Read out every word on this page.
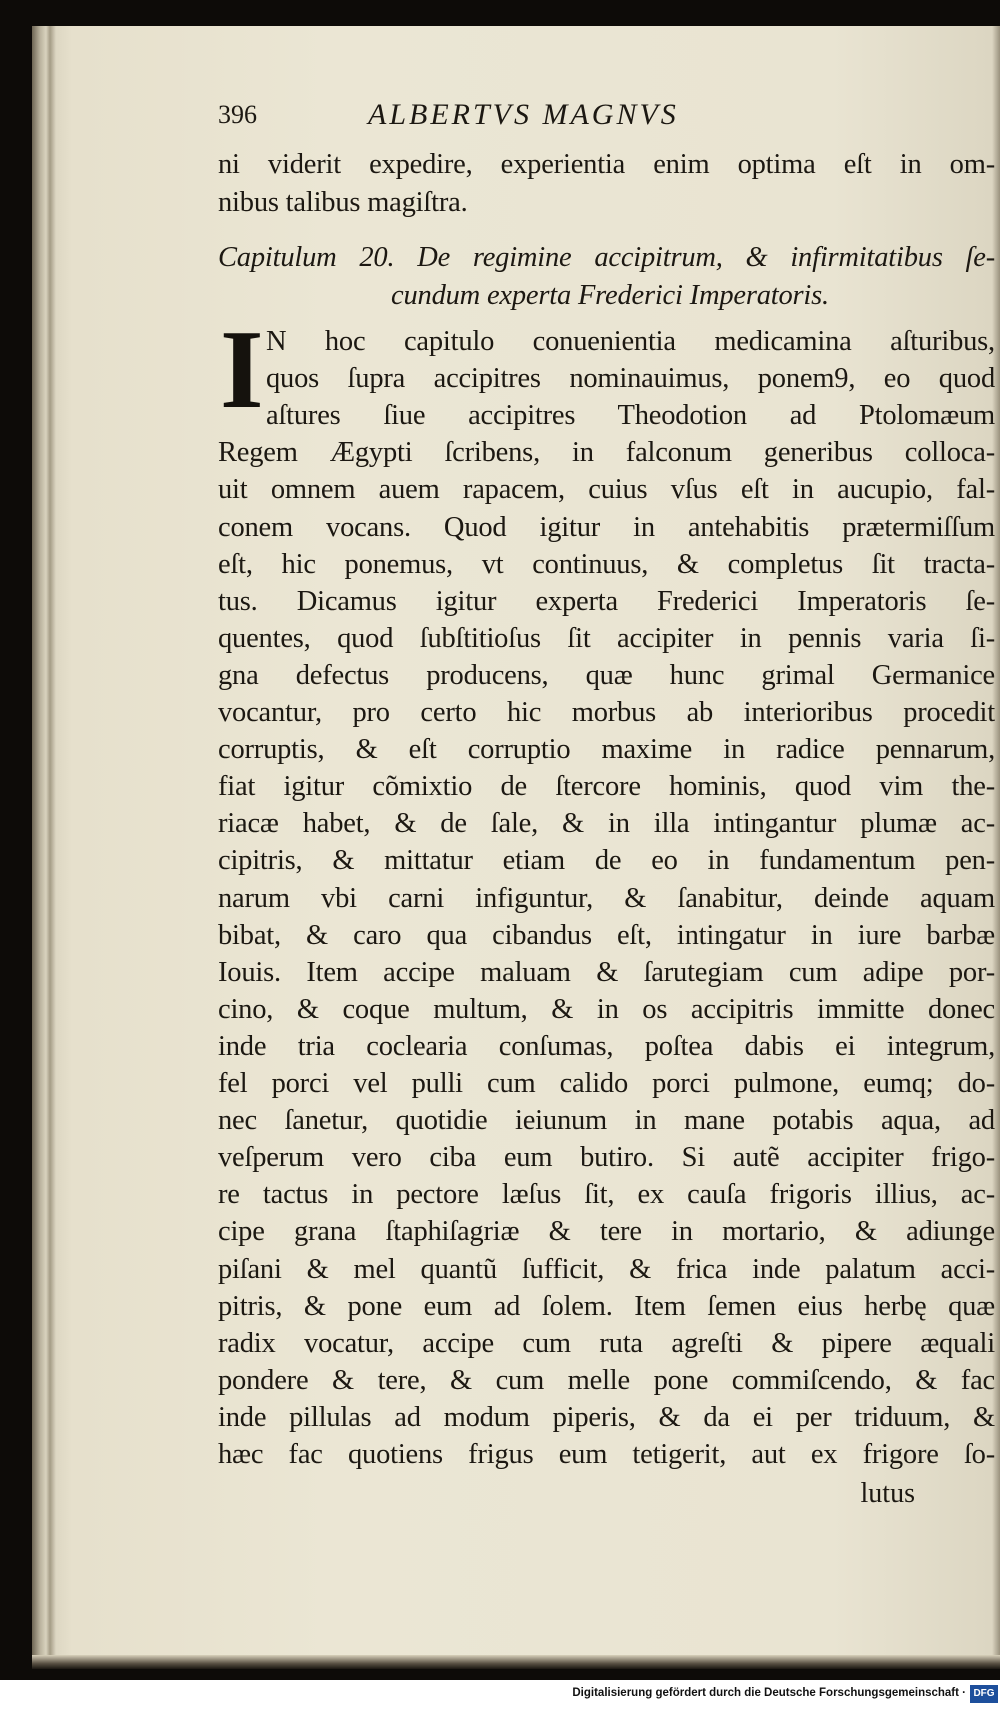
396	ALBERTVS MAGNVS
ni viderit expedire, experientia enim optima eſt in om-
nibus talibus magiſtra.
Capitulum 20. De regimine accipitrum, & infirmitatibus ſe-
cundum experta Frederici Imperatoris.
N hoc capitulo conuenientia medicamina aſturibus,
quos ſupra accipitres nominauimus, ponem9, eo quod
aſtures ſiue accipitres Theodotion ad Ptolomæum
Regem Ægypti ſcribens, in falconum generibus colloca-
uit omnem auem rapacem, cuius vſus eſt in aucupio, fal-
conem vocans. Quod igitur in antehabitis prætermiſſum
eſt, hic ponemus, vt continuus, & completus ſit tracta-
tus. Dicamus igitur experta Frederici Imperatoris ſe-
quentes, quod ſubſtitioſus ſit accipiter in pennis varia ſi-
gna defectus producens, quæ hunc grimal Germanice
vocantur, pro certo hic morbus ab interioribus procedit
corruptis, & eſt corruptio maxime in radice pennarum,
fiat igitur cõmixtio de ſtercore hominis, quod vim the-
riacæ habet, & de ſale, & in illa intingantur plumæ ac-
cipitris, & mittatur etiam de eo in fundamentum pen-
narum vbi carni infiguntur, & ſanabitur, deinde aquam
bibat, & caro qua cibandus eſt, intingatur in iure barbæ
Iouis. Item accipe maluam & ſarutegiam cum adipe por-
cino, & coque multum, & in os accipitris immitte donec
inde tria coclearia conſumas, poſtea dabis ei integrum,
fel porci vel pulli cum calido porci pulmone, eumq; do-
nec ſanetur, quotidie ieiunum in mane potabis aqua, ad
veſperum vero ciba eum butiro. Si autẽ accipiter frigo-
re tactus in pectore læſus ſit, ex cauſa frigoris illius, ac-
cipe grana ſtaphiſagriæ & tere in mortario, & adiunge
piſani & mel quantũ ſufficit, & frica inde palatum acci-
pitris, & pone eum ad ſolem. Item ſemen eius herbę quæ
radix vocatur, accipe cum ruta agreſti & pipere æquali
pondere & tere, & cum melle pone commiſcendo, & fac
inde pillulas ad modum piperis, & da ei per triduum, &
hæc fac quotiens frigus eum tetigerit, aut ex frigore ſo-
I
lutus
Digitalisierung gefördert durch die Deutsche Forschungsgemeinschaft · DFG
